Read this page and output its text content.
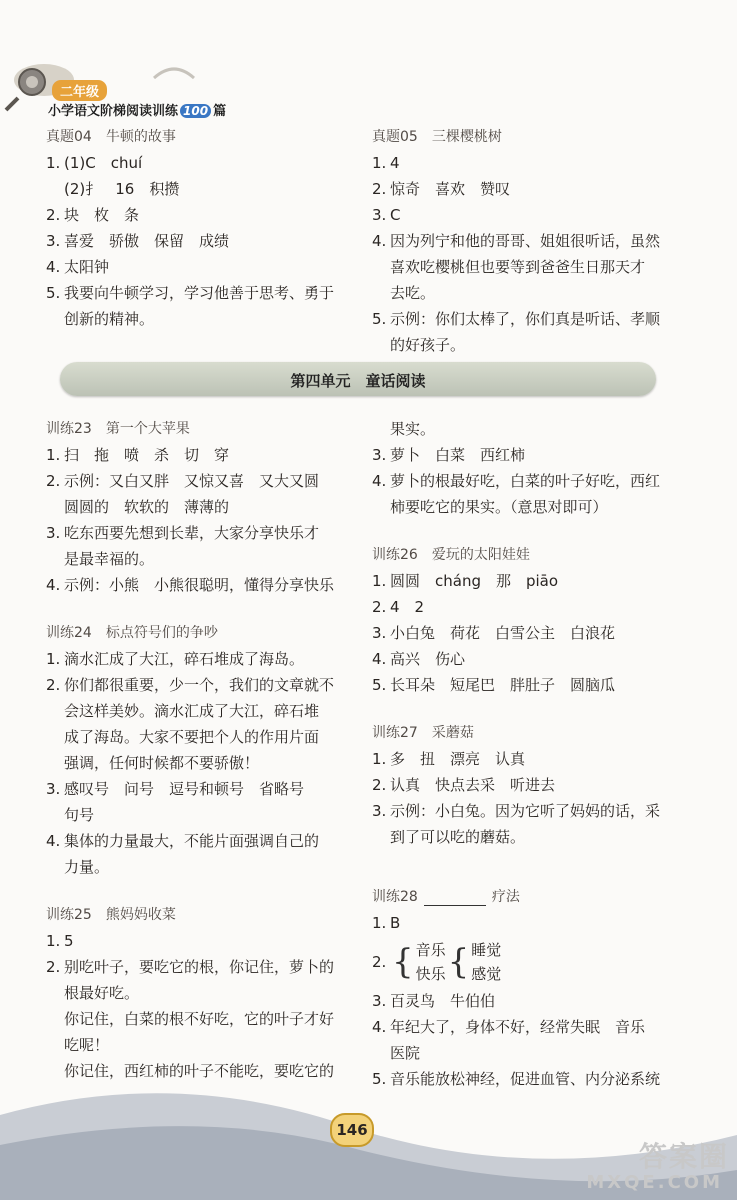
二年级
小学语文阶梯阅读训练 100 篇
真题04　牛顿的故事
1. (1)C　chuí
(2)扌　16　积攒
2. 块　枚　条
3. 喜爱　骄傲　保留　成绩
4. 太阳钟
5. 我要向牛顿学习，学习他善于思考、勇于
创新的精神。
真题05　三棵樱桃树
1. 4
2. 惊奇　喜欢　赞叹
3. C
4. 因为列宁和他的哥哥、姐姐很听话，虽然
喜欢吃樱桃但也要等到爸爸生日那天才
去吃。
5. 示例：你们太棒了，你们真是听话、孝顺
的好孩子。
第四单元　童话阅读
训练23　第一个大苹果
1. 扫　拖　喷　杀　切　穿
2. 示例：又白又胖　又惊又喜　又大又圆
圆圆的　软软的　薄薄的
3. 吃东西要先想到长辈，大家分享快乐才
是最幸福的。
4. 示例：小熊　小熊很聪明，懂得分享快乐
训练24　标点符号们的争吵
1. 滴水汇成了大江，碎石堆成了海岛。
2. 你们都很重要，少一个，我们的文章就不
会这样美妙。滴水汇成了大江，碎石堆
成了海岛。大家不要把个人的作用片面
强调，任何时候都不要骄傲！
3. 感叹号　问号　逗号和顿号　省略号
句号
4. 集体的力量最大，不能片面强调自己的
力量。
训练25　熊妈妈收菜
1. 5
2. 别吃叶子，要吃它的根，你记住，萝卜的
根最好吃。
你记住，白菜的根不好吃，它的叶子才好
吃呢！
你记住，西红柿的叶子不能吃，要吃它的
果实。
3. 萝卜　白菜　西红柿
4. 萝卜的根最好吃，白菜的叶子好吃，西红
柿要吃它的果实。（意思对即可）
训练26　爱玩的太阳娃娃
1. 圆圆　cháng　那　piāo
2. 4　2
3. 小白兔　荷花　白雪公主　白浪花
4. 高兴　伤心
5. 长耳朵　短尾巴　胖肚子　圆脑瓜
训练27　采蘑菇
1. 多　扭　漂亮　认真
2. 认真　快点去采　听进去
3. 示例：小白兔。因为它听了妈妈的话，采
到了可以吃的蘑菇。
训练28	疗法
1. B
2. { 音乐
快乐 { 睡觉
感觉
3. 百灵鸟　牛伯伯
4. 年纪大了，身体不好，经常失眠　音乐
医院
5. 音乐能放松神经，促进血管、内分泌系统
146
答案圈
MXQE.COM
